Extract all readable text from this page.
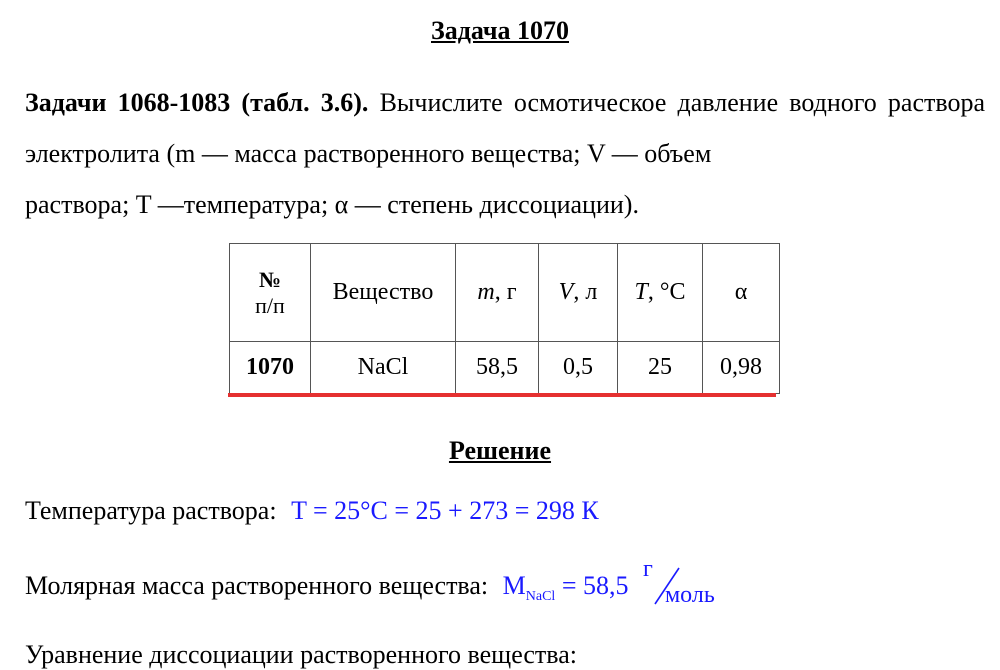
Задача 1070
Задачи 1068-1083 (табл. 3.6). Вычислите осмотическое давление водного раствора электролита (m — масса растворенного вещества; V — объем
раствора; T —температура; α — степень диссоциации).
№
п/п	Вещество	m, г	V, л	T, °C	α
1070	NaCl	58,5	0,5	25	0,98
Решение
Температура раствора: T = 25°C = 25 + 273 = 298 К
Молярная масса растворенного вещества: $M_{NaCl} = 58,5$
г
моль
Уравнение диссоциации растворенного вещества:
